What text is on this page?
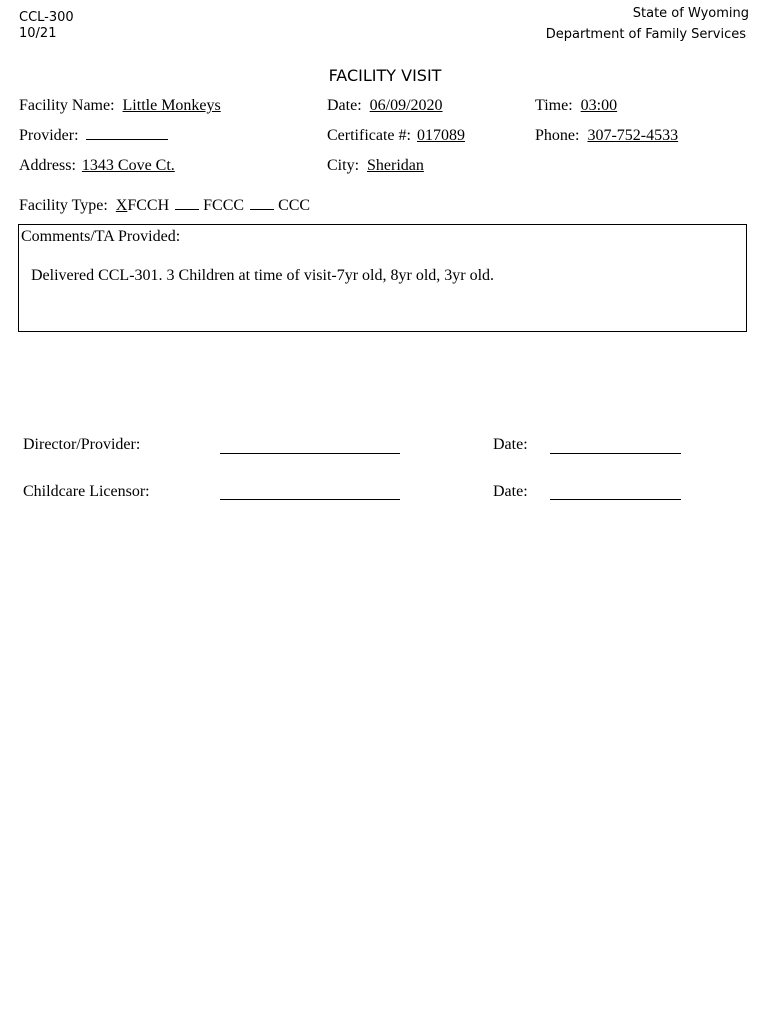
CCL-300
10/21
State of Wyoming
Department of Family Services
FACILITY VISIT
Facility Name: Little Monkeys	Date: 06/09/2020	Time: 03:00
Provider:	Certificate #: 017089	Phone: 307-752-4533
Address: 1343 Cove Ct.	City: Sheridan
Facility Type: XFCCH FCCC CCC
Comments/TA Provided:
Delivered CCL-301. 3 Children at time of visit-7yr old, 8yr old, 3yr old.
Director/Provider:	Date:
Childcare Licensor:	Date:
